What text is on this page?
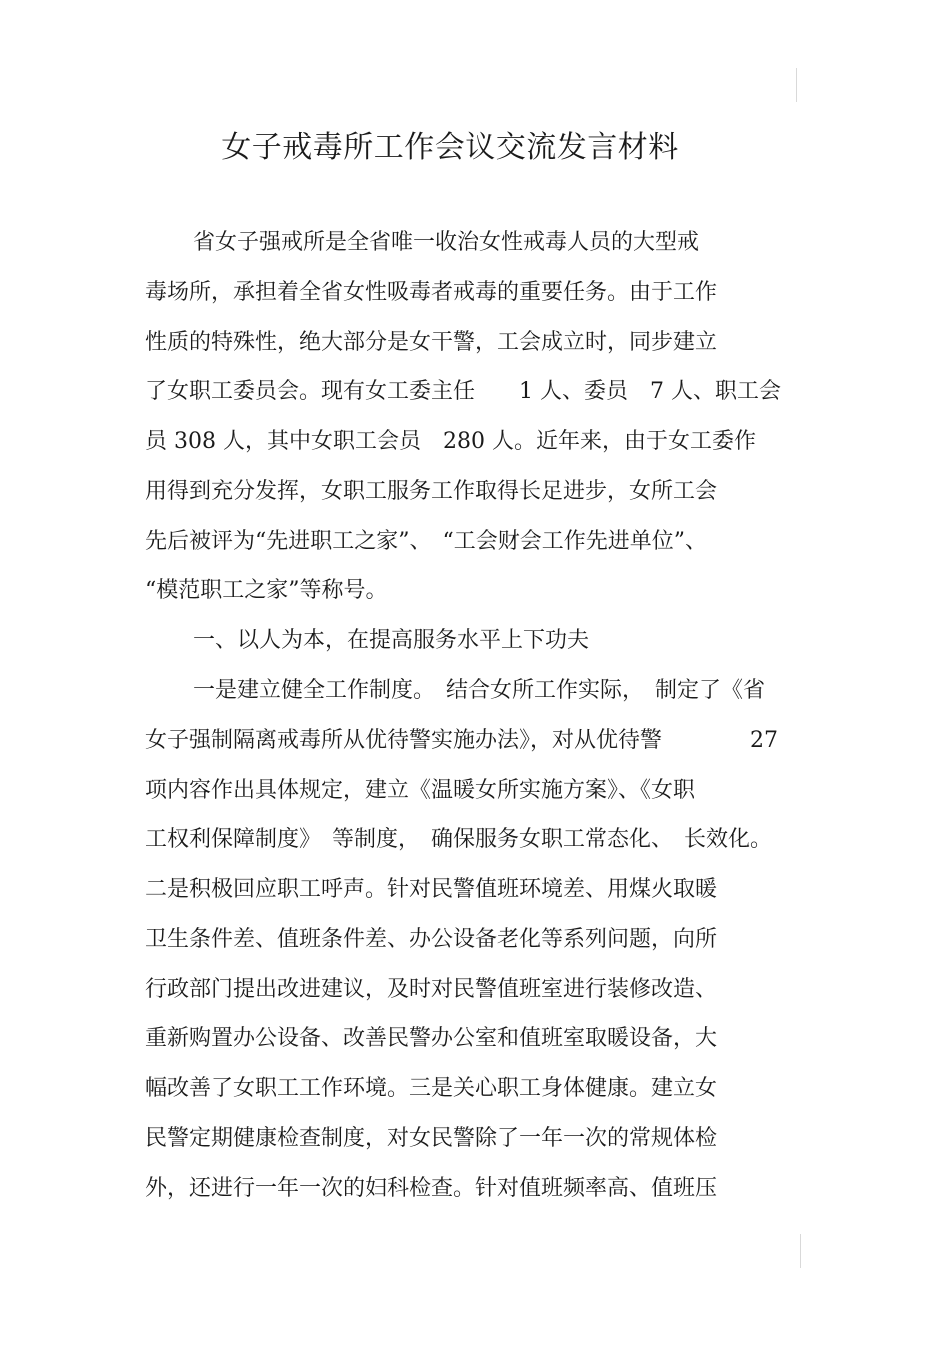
女子戒毒所工作会议交流发言材料
省女子强戒所是全省唯一收治女性戒毒人员的大型戒
毒场所，承担着全省女性吸毒者戒毒的重要任务。由于工作
性质的特殊性，绝大部分是女干警，工会成立时，同步建立
了女职工委员会。现有女工委主任　　1 人、委员　7 人、职工会
员 308 人，其中女职工会员　280 人。近年来，由于女工委作
用得到充分发挥，女职工服务工作取得长足进步，女所工会
先后被评为“先进职工之家”、　“工会财会工作先进单位”、
“模范职工之家”等称号。
一、以人为本，在提高服务水平上下功夫
一是建立健全工作制度。　结合女所工作实际，　制定了《省
女子强制隔离戒毒所从优待警实施办法》，对从优待警　　　　27
项内容作出具体规定，建立《温暖女所实施方案》、《女职
工权利保障制度》　等制度，　确保服务女职工常态化、　长效化。
二是积极回应职工呼声。针对民警值班环境差、用煤火取暖
卫生条件差、值班条件差、办公设备老化等系列问题，向所
行政部门提出改进建议，及时对民警值班室进行装修改造、
重新购置办公设备、改善民警办公室和值班室取暖设备，大
幅改善了女职工工作环境。三是关心职工身体健康。建立女
民警定期健康检查制度，对女民警除了一年一次的常规体检
外，还进行一年一次的妇科检查。针对值班频率高、值班压
